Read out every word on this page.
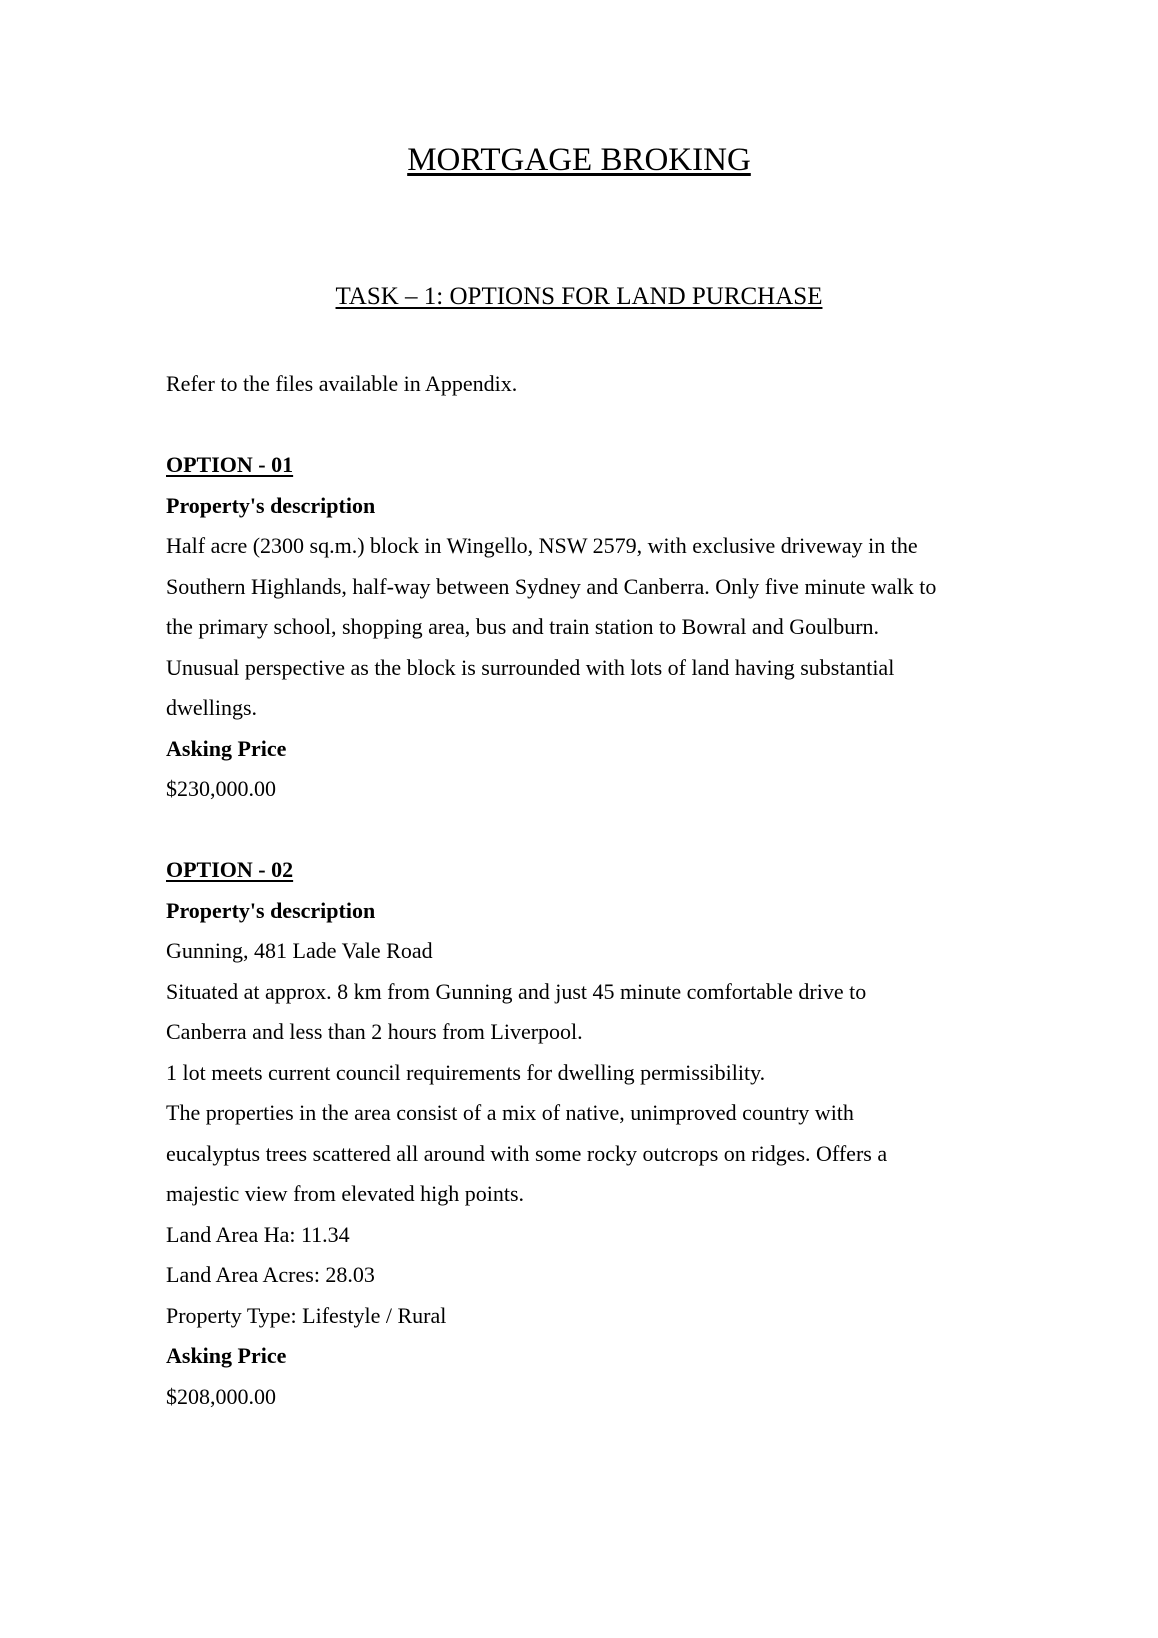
MORTGAGE BROKING
TASK – 1: OPTIONS FOR LAND PURCHASE

Refer to the files available in Appendix.

OPTION - 01

Property's description

Half acre (2300 sq.m.) block in Wingello, NSW 2579, with exclusive driveway in the

Southern Highlands, half-way between Sydney and Canberra. Only five minute walk to

the primary school, shopping area, bus and train station to Bowral and Goulburn.

Unusual perspective as the block is surrounded with lots of land having substantial

dwellings.

Asking Price

$230,000.00

OPTION - 02

Property's description

Gunning, 481 Lade Vale Road

Situated at approx. 8 km from Gunning and just 45 minute comfortable drive to

Canberra and less than 2 hours from Liverpool.

1 lot meets current council requirements for dwelling permissibility.

The properties in the area consist of a mix of native, unimproved country with

eucalyptus trees scattered all around with some rocky outcrops on ridges. Offers a

majestic view from elevated high points.

Land Area Ha: 11.34

Land Area Acres: 28.03

Property Type: Lifestyle / Rural

Asking Price

$208,000.00
